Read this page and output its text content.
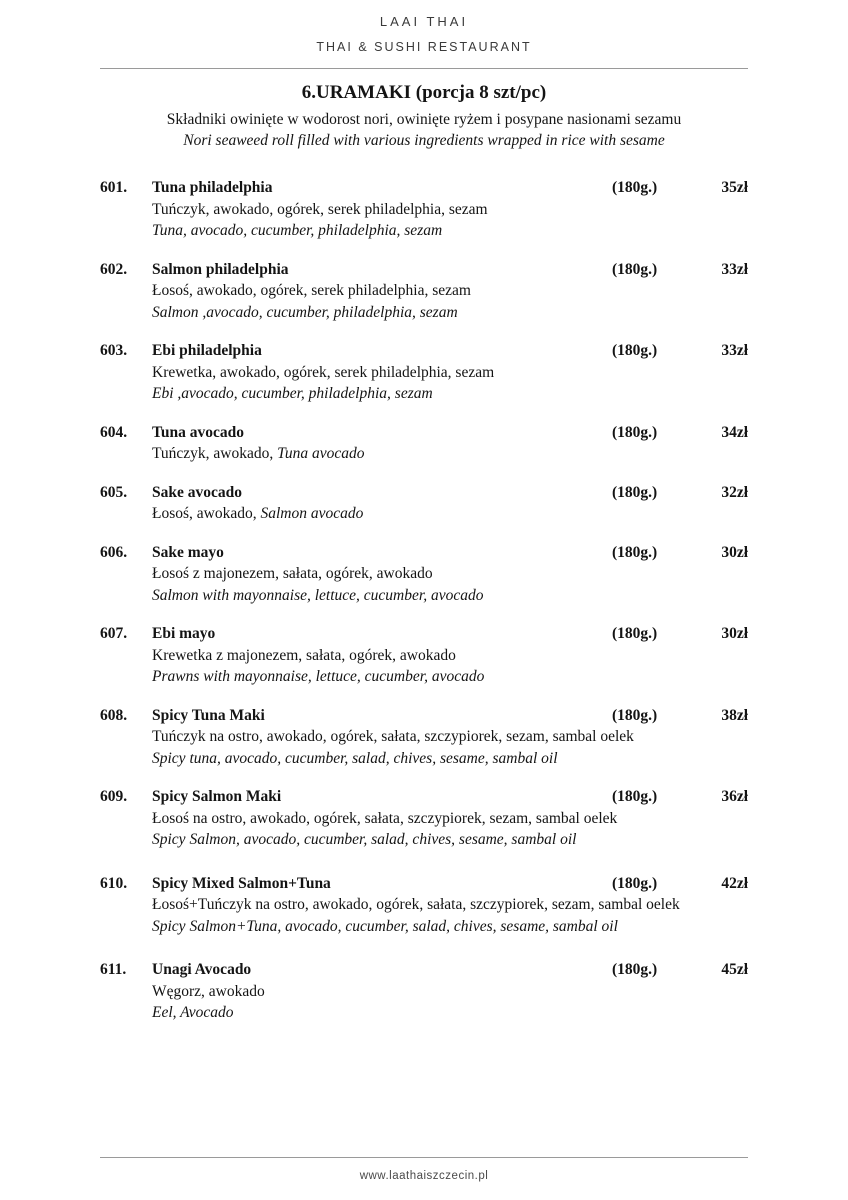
LAAI THAI
THAI & SUSHI RESTAURANT
6.URAMAKI (porcja 8 szt/pc)
Składniki owinięte w wodorost nori, owinięte ryżem i posypane nasionami sezamu
Nori seaweed roll filled with various ingredients wrapped in rice with sesame
601.	Tuna philadelphia	(180g.)	35zł
Tuńczyk, awokado, ogórek, serek philadelphia, sezam
Tuna, avocado, cucumber, philadelphia, sezam
602.	Salmon philadelphia	(180g.)	33zł
Łosoś, awokado, ogórek, serek philadelphia, sezam
Salmon ,avocado, cucumber, philadelphia, sezam
603.	Ebi philadelphia	(180g.)	33zł
Krewetka, awokado, ogórek, serek philadelphia, sezam
Ebi ,avocado, cucumber, philadelphia, sezam
604.	Tuna avocado	(180g.)	34zł
Tuńczyk, awokado, Tuna avocado
605.	Sake avocado	(180g.)	32zł
Łosoś, awokado, Salmon avocado
606.	Sake mayo	(180g.)	30zł
Łosoś z majonezem, sałata, ogórek, awokado
Salmon with mayonnaise, lettuce, cucumber, avocado
607.	Ebi mayo	(180g.)	30zł
Krewetka z majonezem, sałata, ogórek, awokado
Prawns with mayonnaise, lettuce, cucumber, avocado
608.	Spicy Tuna Maki	(180g.)	38zł
Tuńczyk na ostro, awokado, ogórek, sałata, szczypiorek, sezam, sambal oelek
Spicy tuna, avocado, cucumber, salad, chives, sesame, sambal oil
609.	Spicy Salmon Maki	(180g.)	36zł
Łosoś na ostro, awokado, ogórek, sałata, szczypiorek, sezam, sambal oelek
Spicy Salmon, avocado, cucumber, salad, chives, sesame, sambal oil
610.	Spicy Mixed Salmon+Tuna	(180g.)	42zł
Łosoś+Tuńczyk na ostro, awokado, ogórek, sałata, szczypiorek, sezam, sambal oelek
Spicy Salmon+Tuna, avocado, cucumber, salad, chives, sesame, sambal oil
611.	Unagi Avocado	(180g.)	45zł
Węgorz, awokado
Eel, Avocado
www.laathaiszczecin.pl
